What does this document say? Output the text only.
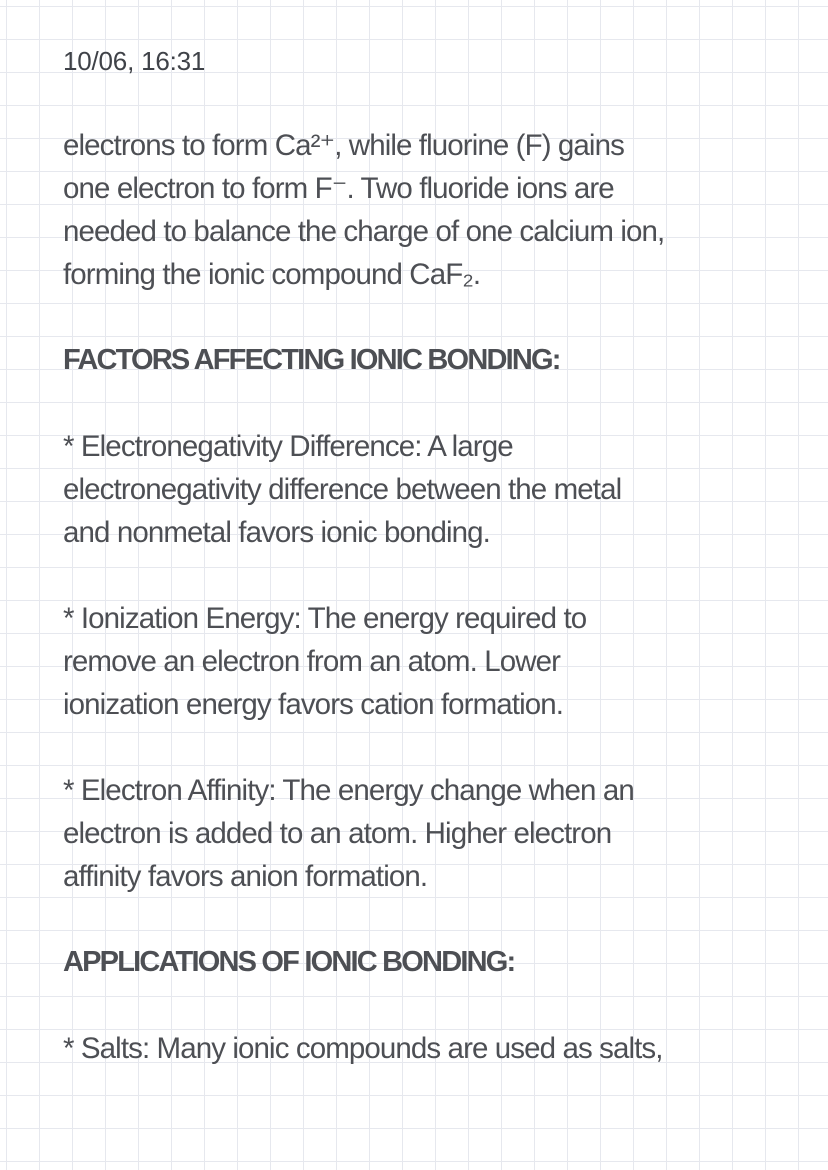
10/06, 16:31

electrons to form Ca²⁺, while fluorine (F) gains
one electron to form F⁻. Two fluoride ions are
needed to balance the charge of one calcium ion,
forming the ionic compound CaF₂.

FACTORS AFFECTING IONIC BONDING:

* Electronegativity Difference: A large
electronegativity difference between the metal
and nonmetal favors ionic bonding.

* Ionization Energy: The energy required to
remove an electron from an atom. Lower
ionization energy favors cation formation.

* Electron Affinity: The energy change when an
electron is added to an atom. Higher electron
affinity favors anion formation.

APPLICATIONS OF IONIC BONDING:

* Salts: Many ionic compounds are used as salts,
